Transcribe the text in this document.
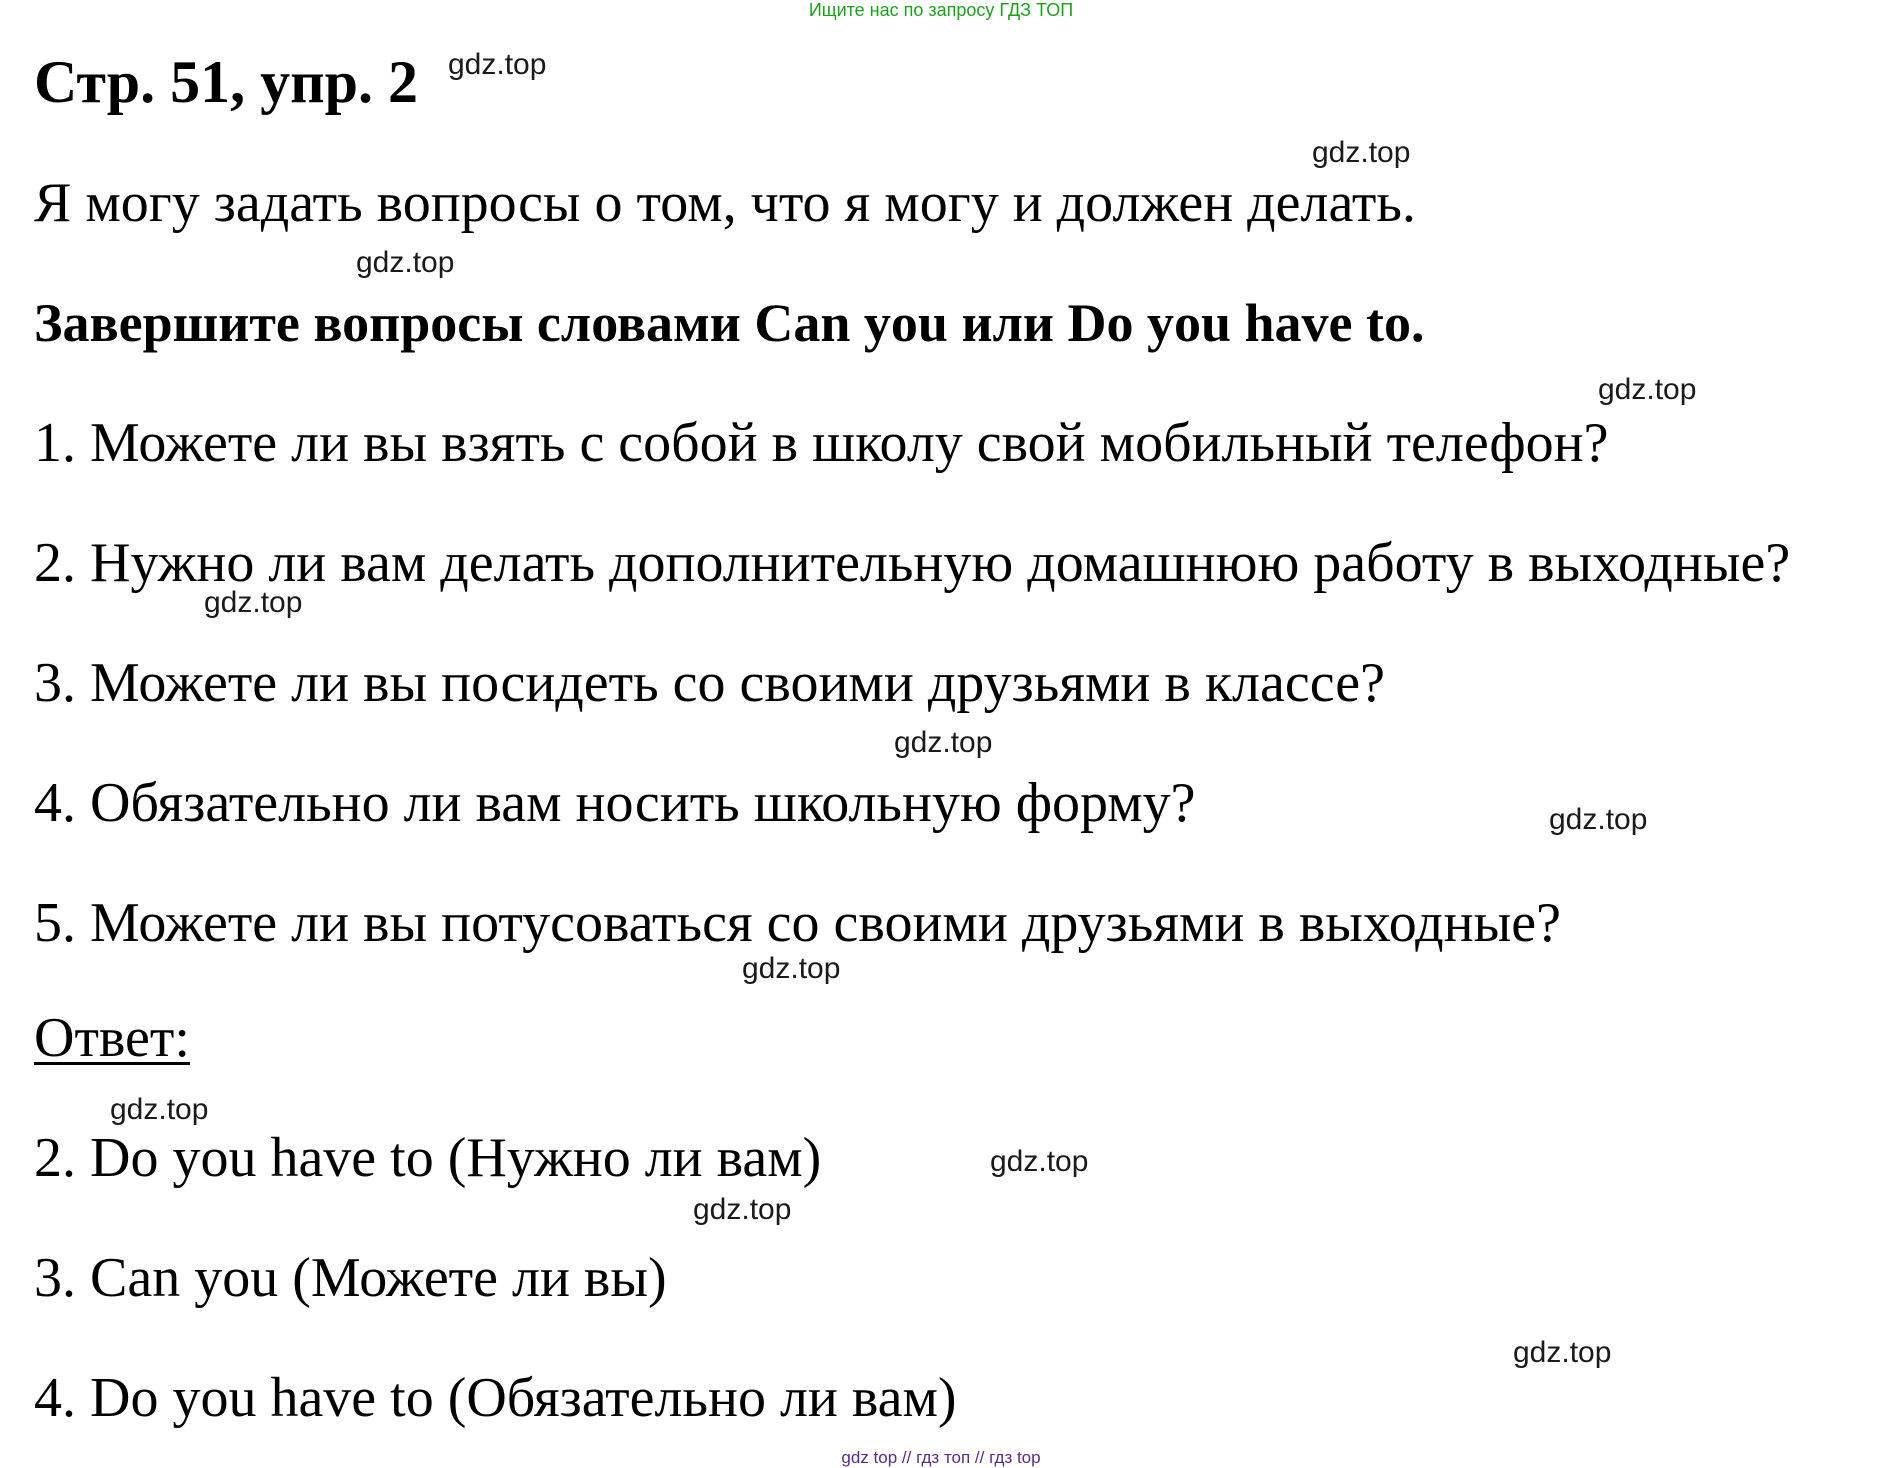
Ищите нас по запросу ГДЗ ТОП
Стр. 51, упр. 2
Я могу задать вопросы о том, что я могу и должен делать.
Завершите вопросы словами Can you или Do you have to.
1. Можете ли вы взять с собой в школу свой мобильный телефон?
2. Нужно ли вам делать дополнительную домашнюю работу в выходные?
3. Можете ли вы посидеть со своими друзьями в классе?
4. Обязательно ли вам носить школьную форму?
5. Можете ли вы потусоваться со своими друзьями в выходные?
Ответ:
2. Do you have to (Нужно ли вам)
3. Can you (Можете ли вы)
4. Do you have to (Обязательно ли вам)
gdz.top
gdz.top
gdz.top
gdz.top
gdz.top
gdz.top
gdz.top
gdz.top
gdz.top
gdz.top
gdz.top
gdz.top
gdz top // гдз топ // гдз top
